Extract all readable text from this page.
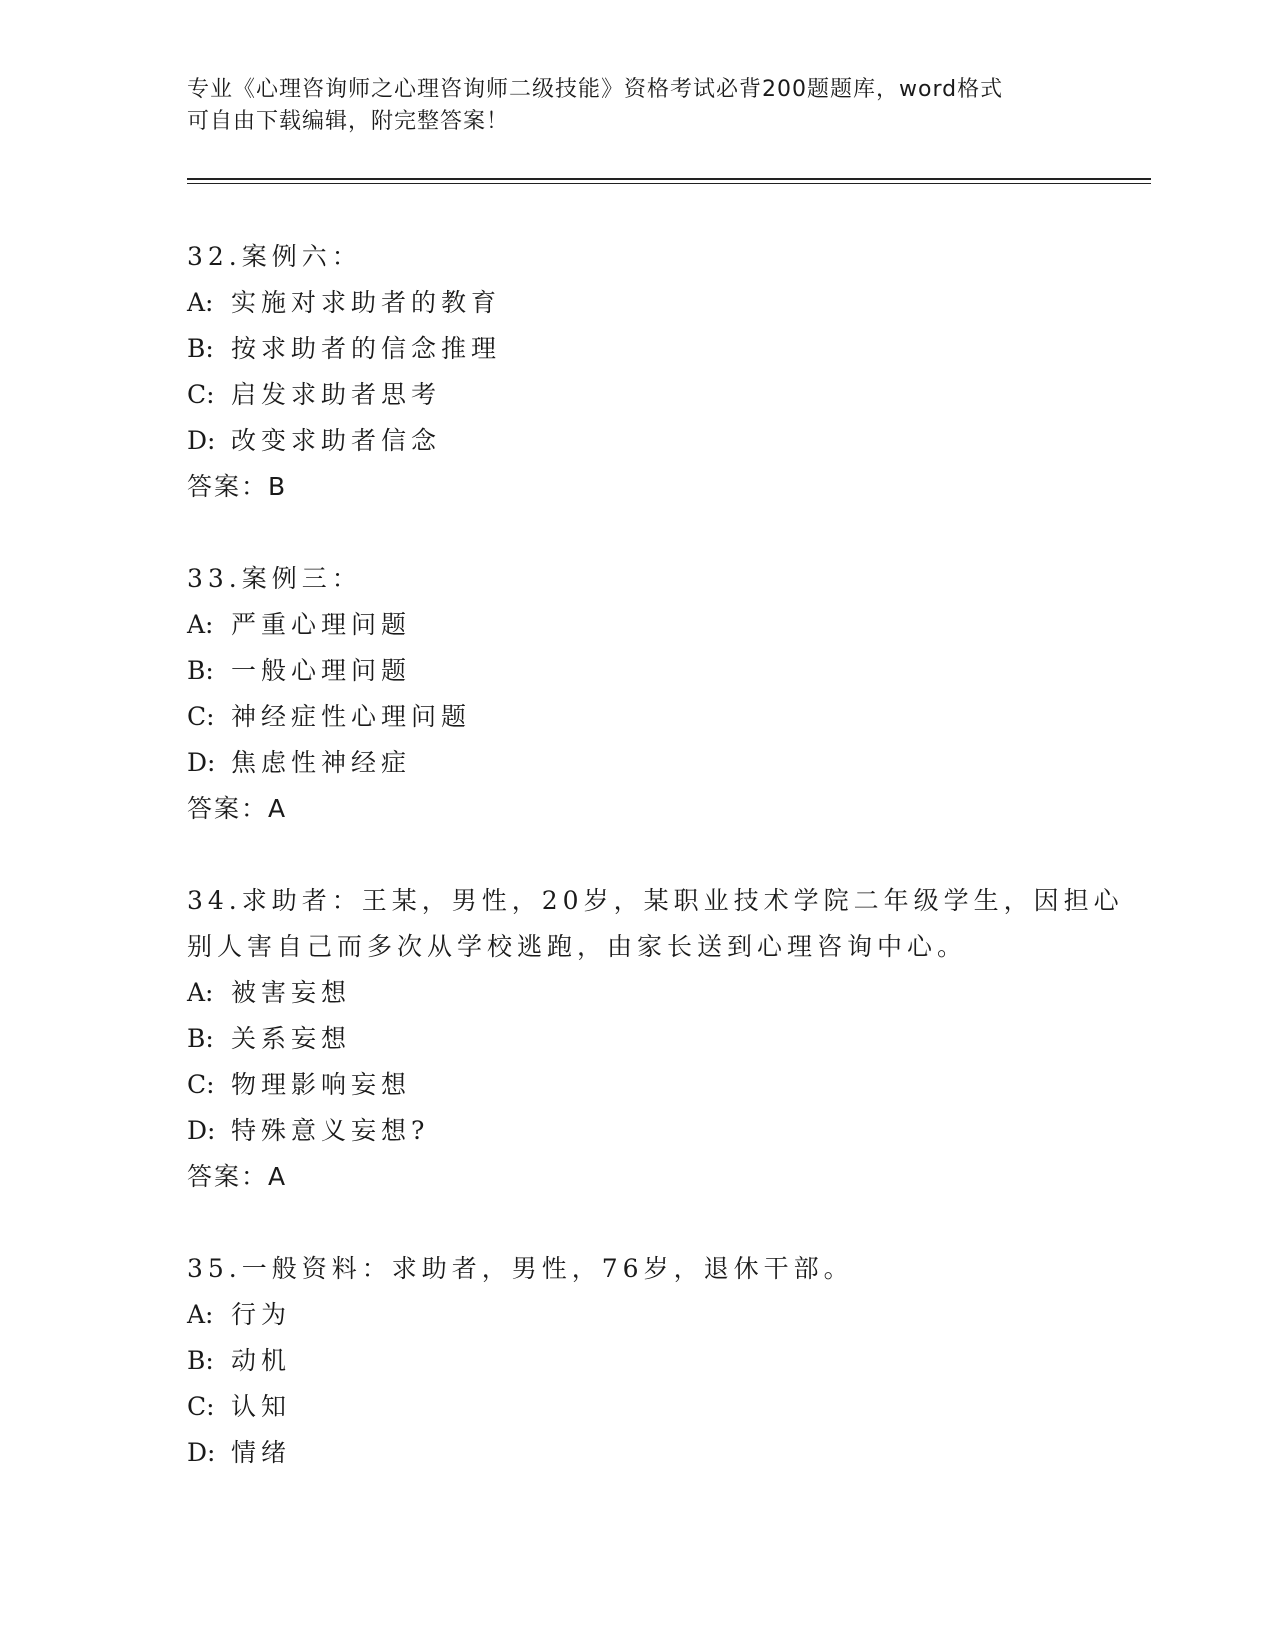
专业《心理咨询师之心理咨询师二级技能》资格考试必背200题题库，word格式
可自由下载编辑，附完整答案！
32.案例六：
A: 实施对求助者的教育
B: 按求助者的信念推理
C: 启发求助者思考
D: 改变求助者信念
答案：B
33.案例三：
A: 严重心理问题
B: 一般心理问题
C: 神经症性心理问题
D: 焦虑性神经症
答案：A
34.求助者：王某，男性，20岁，某职业技术学院二年级学生，因担心
别人害自己而多次从学校逃跑，由家长送到心理咨询中心。
A: 被害妄想
B: 关系妄想
C: 物理影响妄想
D: 特殊意义妄想?
答案：A
35.一般资料：求助者，男性，76岁，退休干部。
A: 行为
B: 动机
C: 认知
D: 情绪
